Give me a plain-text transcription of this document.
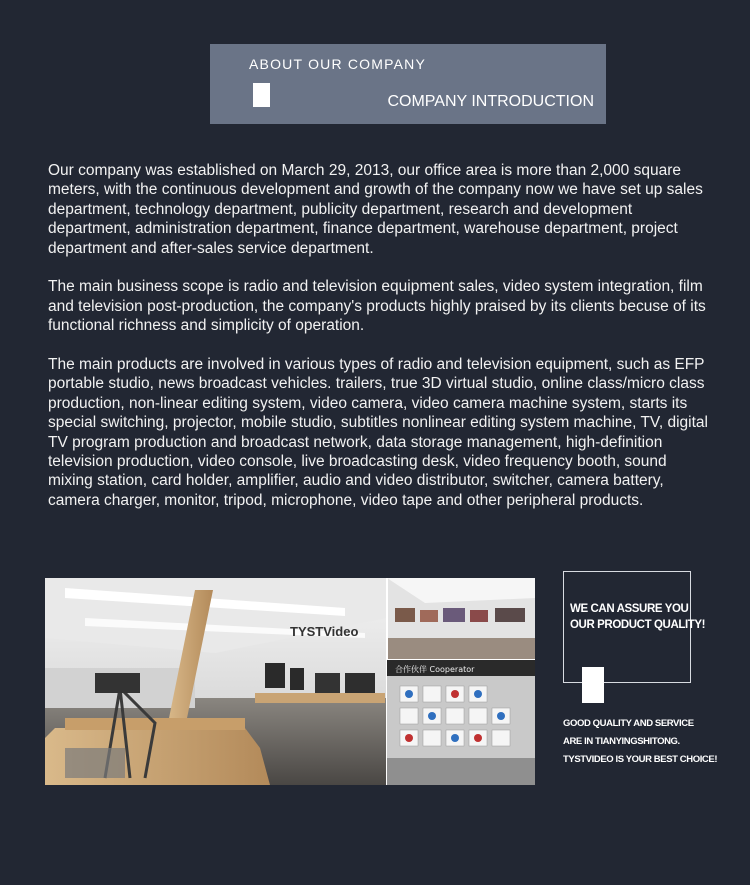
ABOUT OUR COMPANY
COMPANY INTRODUCTION

Our company was established on March 29, 2013, our office area is more than 2,000 square meters, with the continuous development and growth of the company now we have set up sales department, technology department, publicity department, research and development department, administration department, finance department, warehouse department, project department and after-sales service department.

The main business scope is radio and television equipment sales, video system integration, film and television post-production, the company's products highly praised by its clients becuse of its functional richness and simplicity of operation.

The main products are involved in various types of radio and television equipment, such as EFP portable studio, news broadcast vehicles. trailers, true 3D virtual studio, online class/micro class production, non-linear editing system, video camera, video camera machine system, starts its special switching, projector, mobile studio, subtitles nonlinear editing system machine, TV, digital TV program production and broadcast network, data storage management, high-definition television production, video console, live broadcasting desk, video frequency booth, sound mixing station, card holder, amplifier, audio and video distributor, switcher, camera battery, camera charger, monitor, tripod, microphone, video tape and other peripheral products.

TYSTVideo
合作伙伴 Cooperator
WE CAN ASSURE YOU
OUR PRODUCT QUALITY!
GOOD QUALITY AND SERVICE
ARE IN TIANYINGSHITONG.
TYSTVIDEO IS YOUR BEST CHOICE!
